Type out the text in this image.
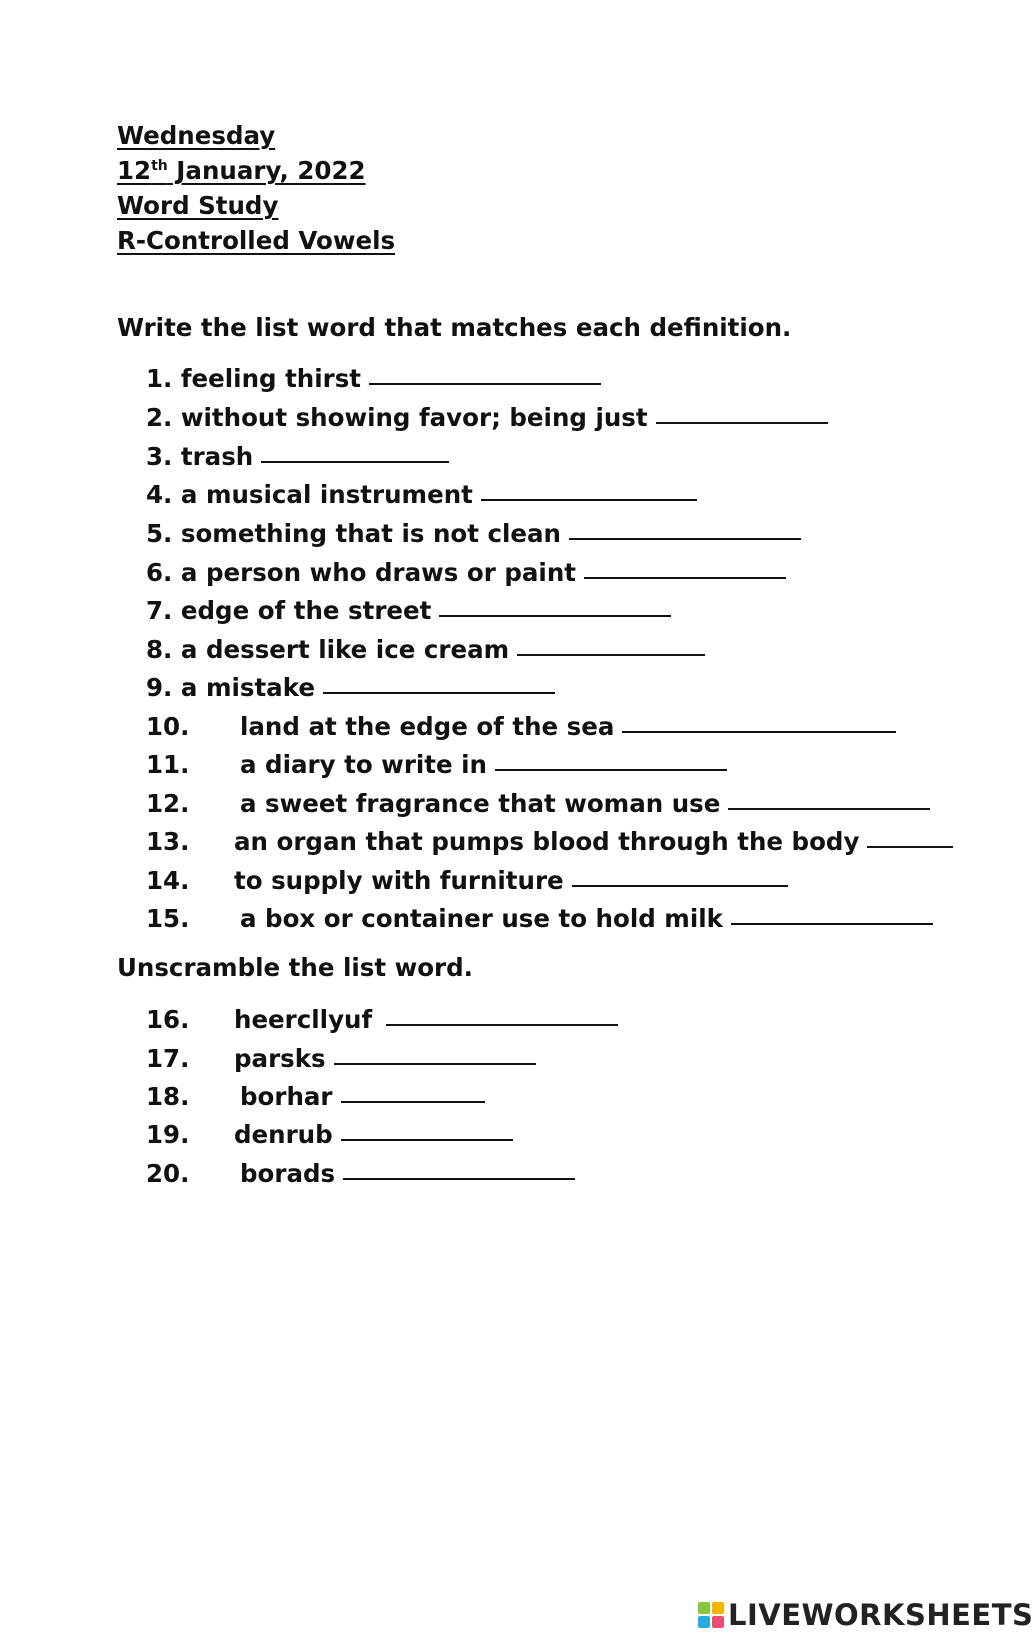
Wednesday
12th January, 2022
Word Study
R-Controlled Vowels
Write the list word that matches each definition.
1. feeling thirst
2. without showing favor; being just
3. trash
4. a musical instrument
5. something that is not clean
6. a person who draws or paint
7. edge of the street
8. a dessert like ice cream
9. a mistake
10. land at the edge of the sea
11. a diary to write in
12. a sweet fragrance that woman use
13. an organ that pumps blood through the body
14. to supply with furniture
15. a box or container use to hold milk
Unscramble the list word.
16. heercllyuf
17. parsks
18. borhar
19. denrub
20. borads
LIVEWORKSHEETS
